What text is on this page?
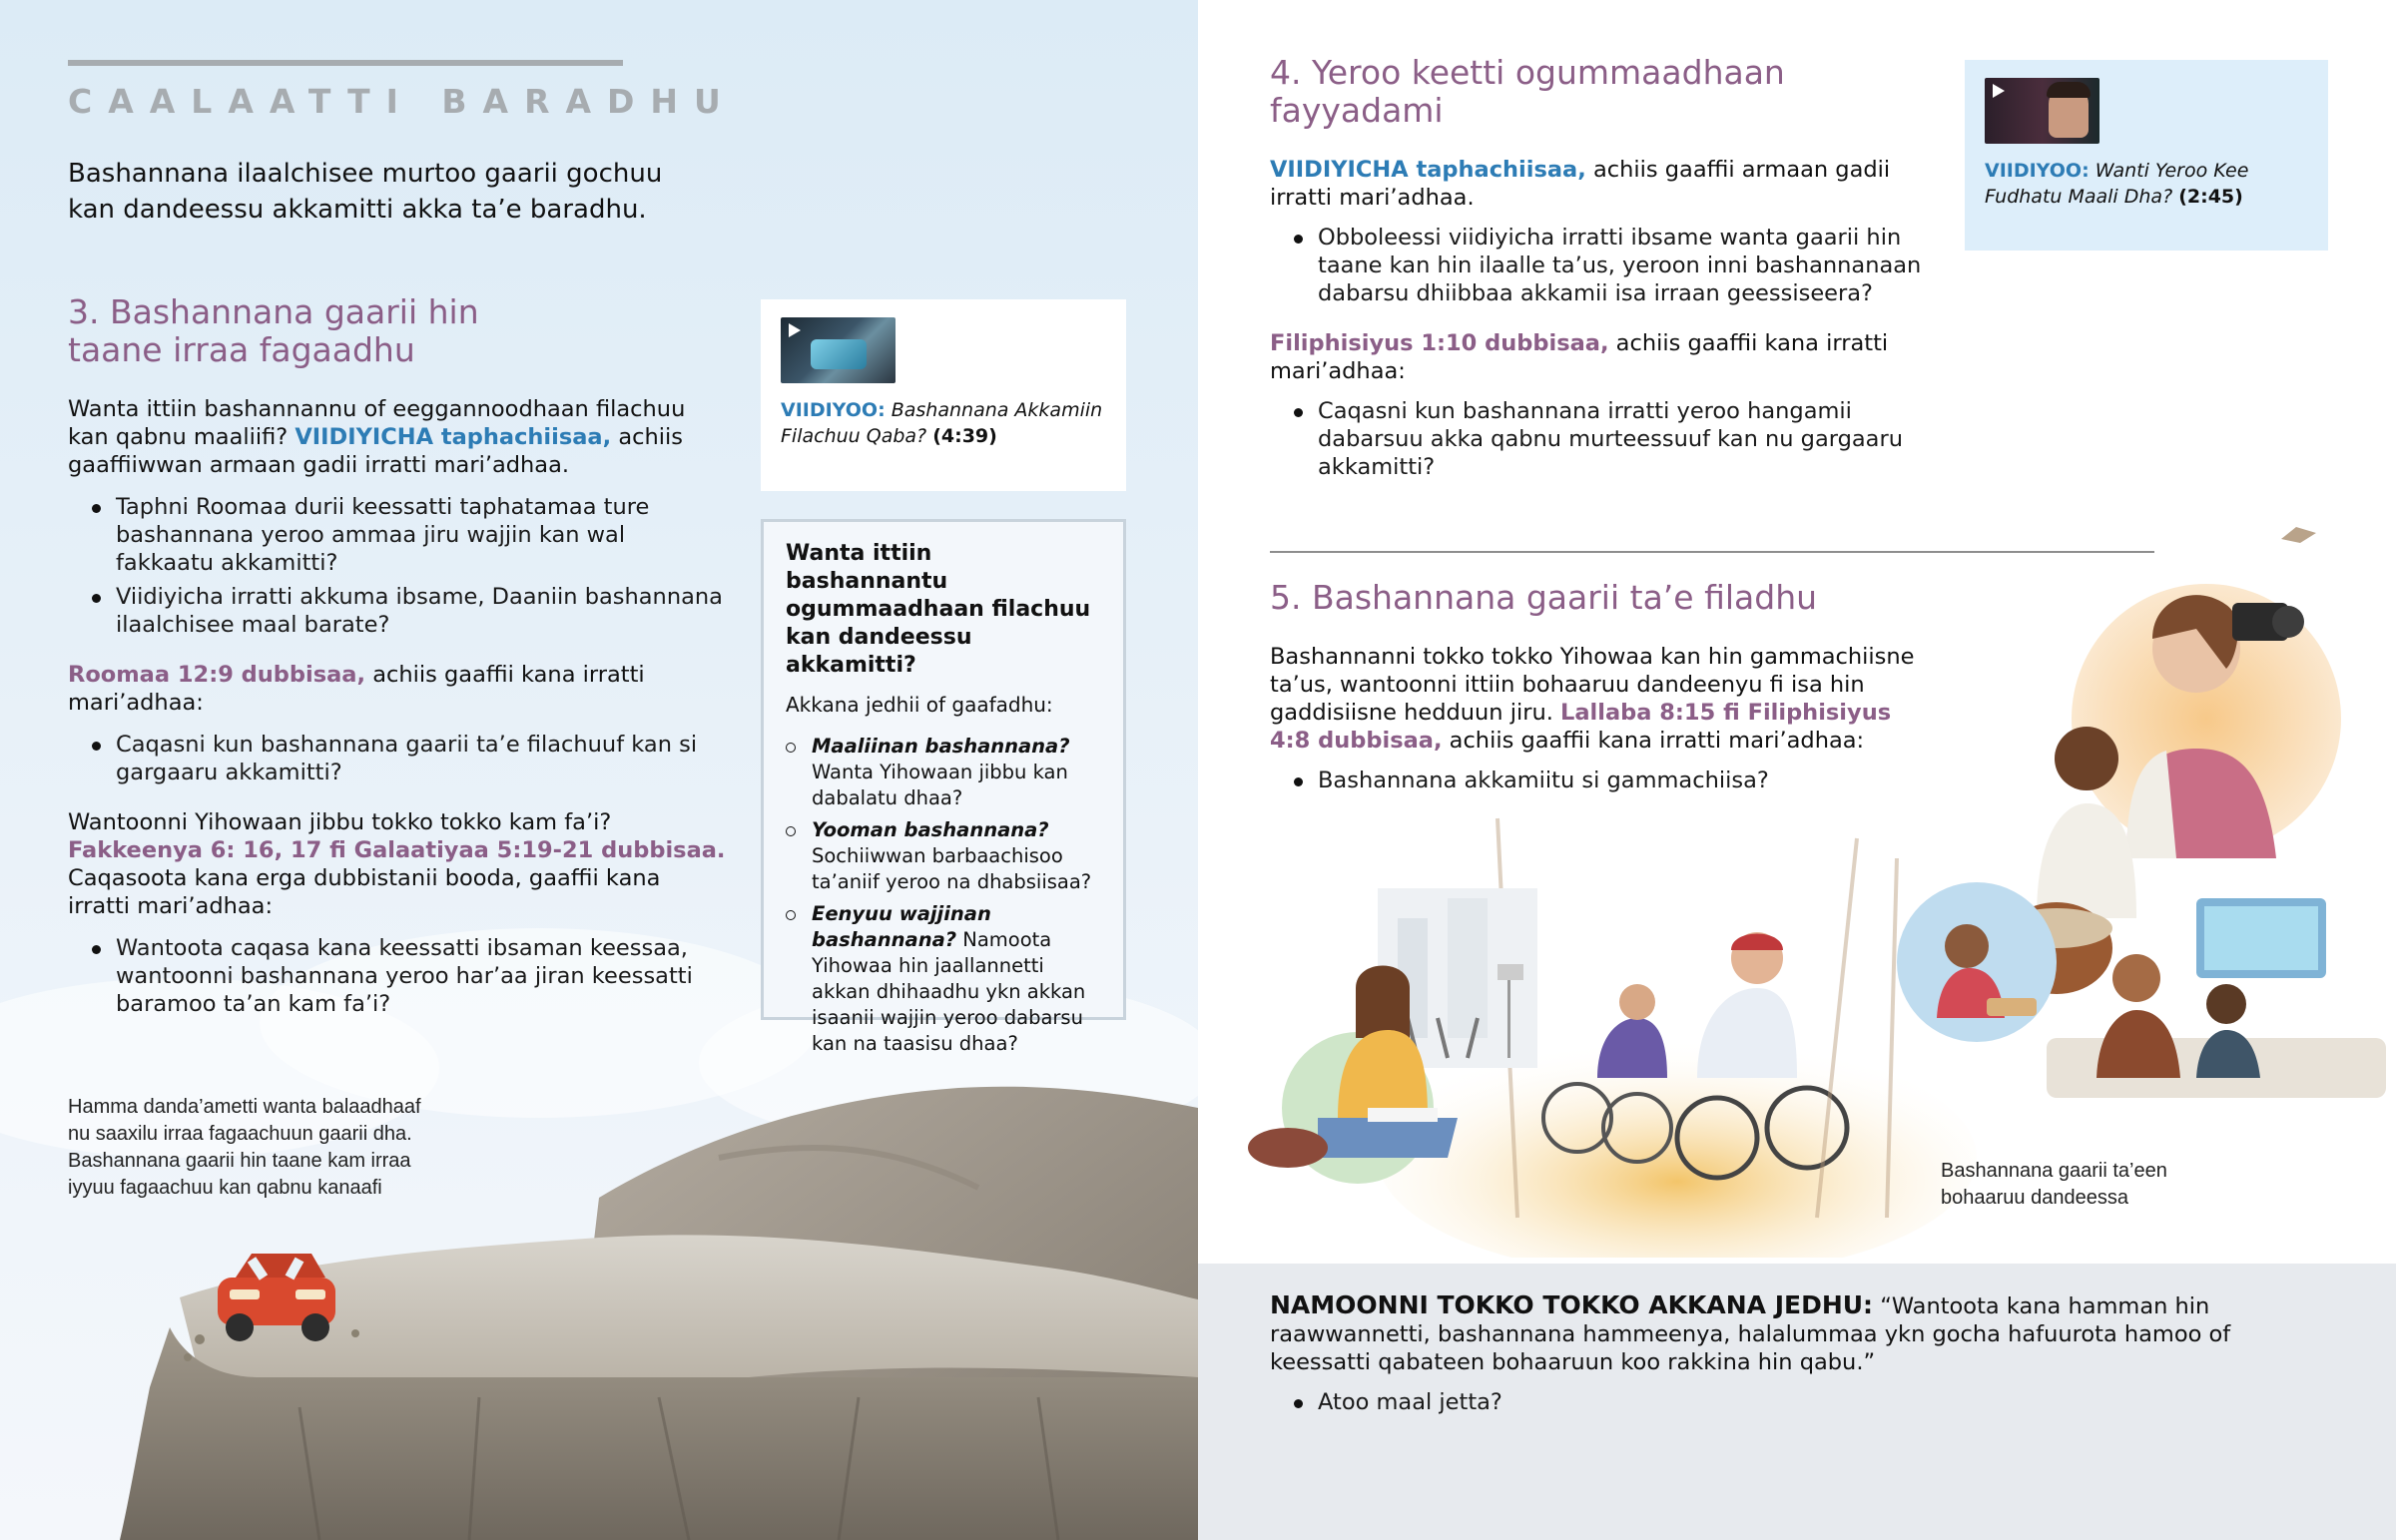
CAALAATTI BARADHU
Bashannana ilaalchisee murtoo gaarii gochuu kan dandeessu akkamitti akka ta’e baradhu.
3. Bashannana gaarii hin taane irraa fagaadhu

Wanta ittiin bashannannu of eeggannoodhaan filachuu kan qabnu maaliifi? VIIDIYICHA taphachiisaa, achiis gaaffiiwwan armaan gadii irratti mari’adhaa.

Taphni Roomaa durii keessatti taphatamaa ture bashannana yeroo ammaa jiru wajjin kan wal fakkaatu akkamitti?
Viidiyicha irratti akkuma ibsame, Daaniin bashannana ilaalchisee maal barate?

Roomaa 12:9 dubbisaa, achiis gaaffii kana irratti mari’adhaa:

Caqasni kun bashannana gaarii ta’e filachuuf kan si gargaaru akkamitti?

Wantoonni Yihowaan jibbu tokko tokko kam fa’i? Fakkeenya 6: 16, 17 fi Galaatiyaa 5:19-21 dubbisaa. Caqasoota kana erga dubbistanii booda, gaaffii kana irratti mari’adhaa:

Wantoota caqasa kana keessatti ibsaman keessaa, wantoonni bashannana yeroo har’aa jiran keessatti baramoo ta’an kam fa’i?
VIIDIYOO: Bashannana Akkamiin Filachuu Qaba? (4:39)
Wanta ittiin bashannantu ogummaadhaan filachuu kan dandeessu akkamitti?
Akkana jedhii of gaafadhu:
Maaliinan bashannana? Wanta Yihowaan jibbu kan dabalatu dhaa?
Yooman bashannana? Sochiiwwan barbaachisoo ta’aniif yeroo na dhabsiisaa?
Eenyuu wajjinan bashannana? Namoota Yihowaa hin jaallannetti akkan dhihaadhu ykn akkan isaanii wajjin yeroo dabarsu kan na taasisu dhaa?
Hamma danda’ametti wanta balaadhaaf nu saaxilu irraa fagaachuun gaarii dha. Bashannana gaarii hin taane kam irraa iyyuu fagaachuu kan qabnu kanaafi
4. Yeroo keetti ogummaadhaan fayyadami

VIIDIYICHA taphachiisaa, achiis gaaffii armaan gadii irratti mari’adhaa.

Obboleessi viidiyicha irratti ibsame wanta gaarii hin taane kan hin ilaalle ta’us, yeroon inni bashannanaan dabarsu dhiibbaa akkamii isa irraan geessiseera?

Filiphisiyus 1:10 dubbisaa, achiis gaaffii kana irratti mari’adhaa:

Caqasni kun bashannana irratti yeroo hangamii dabarsuu akka qabnu murteessuuf kan nu gargaaru akkamitti?
VIIDIYOO: Wanti Yeroo Kee Fudhatu Maali Dha? (2:45)
5. Bashannana gaarii ta’e filadhu

Bashannanni tokko tokko Yihowaa kan hin gammachiisne ta’us, wantoonni ittiin bohaaruu dandeenyu fi isa hin gaddisiisne hedduun jiru. Lallaba 8:15 fi Filiphisiyus 4:8 dubbisaa, achiis gaaffii kana irratti mari’adhaa:

Bashannana akkamiitu si gammachiisa?
Bashannana gaarii ta’een bohaaruu dandeessa

NAMOONNI TOKKO TOKKO AKKANA JEDHU: “Wantoota kana hamman hin raawwannetti, bashannana hammeenya, halalummaa ykn gocha hafuurota hamoo of keessatti qabateen bohaaruun koo rakkina hin qabu.”

Atoo maal jetta?
